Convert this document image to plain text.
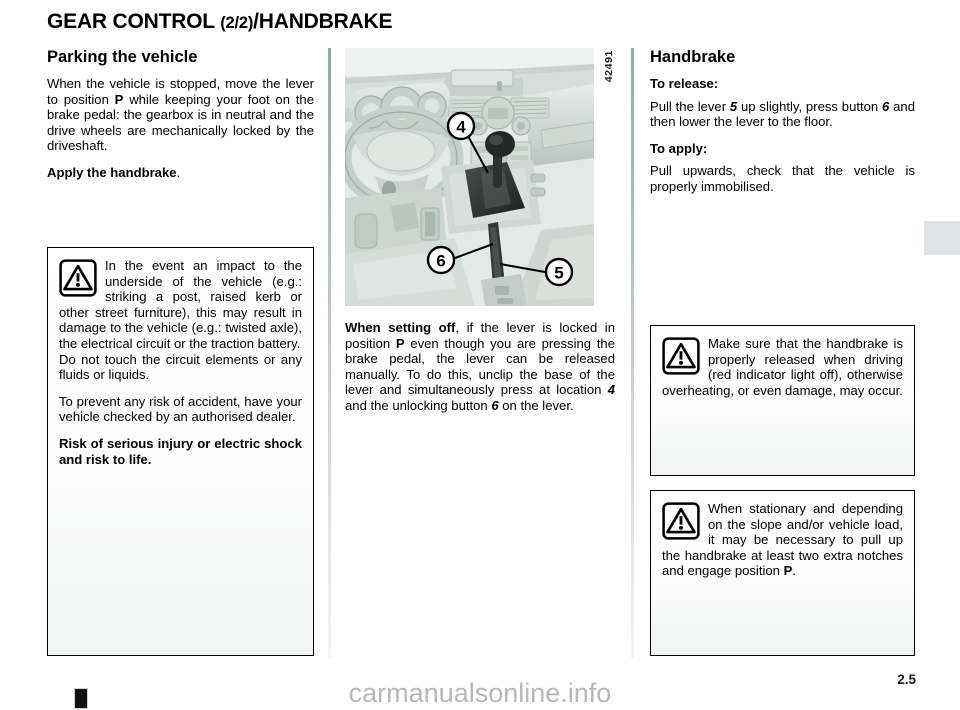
GEAR CONTROL (2/2)/HANDBRAKE
Parking the vehicle

When the vehicle is stopped, move the lever to position P while keeping your foot on the brake pedal: the gearbox is in neutral and the drive wheels are mechanically locked by the driveshaft.

Apply the handbrake.

In the event an impact to the underside of the vehicle (e.g.: striking a post, raised kerb or other street furniture), this may result in damage to the vehicle (e.g.: twisted axle), the electrical circuit or the traction battery.

Do not touch the circuit elements or any fluids or liquids.

To prevent any risk of accident, have your vehicle checked by an authorised dealer.

Risk of serious injury or electric shock and risk to life.

4
6
5
42491

When setting off, if the lever is locked in position P even though you are pressing the brake pedal, the lever can be released manually. To do this, unclip the base of the lever and simultaneously press at location 4 and the unlocking button 6 on the lever.

Handbrake

To release:

Pull the lever 5 up slightly, press button 6 and then lower the lever to the floor.

To apply:

Pull upwards, check that the vehicle is properly immobilised.

Make sure that the handbrake is properly released when driving (red indicator light off), otherwise overheating, or even damage, may occur.

When stationary and depending on the slope and/or vehicle load, it may be necessary to pull up the handbrake at least two extra notches and engage position P.

2.5
carmanualsonline.info
